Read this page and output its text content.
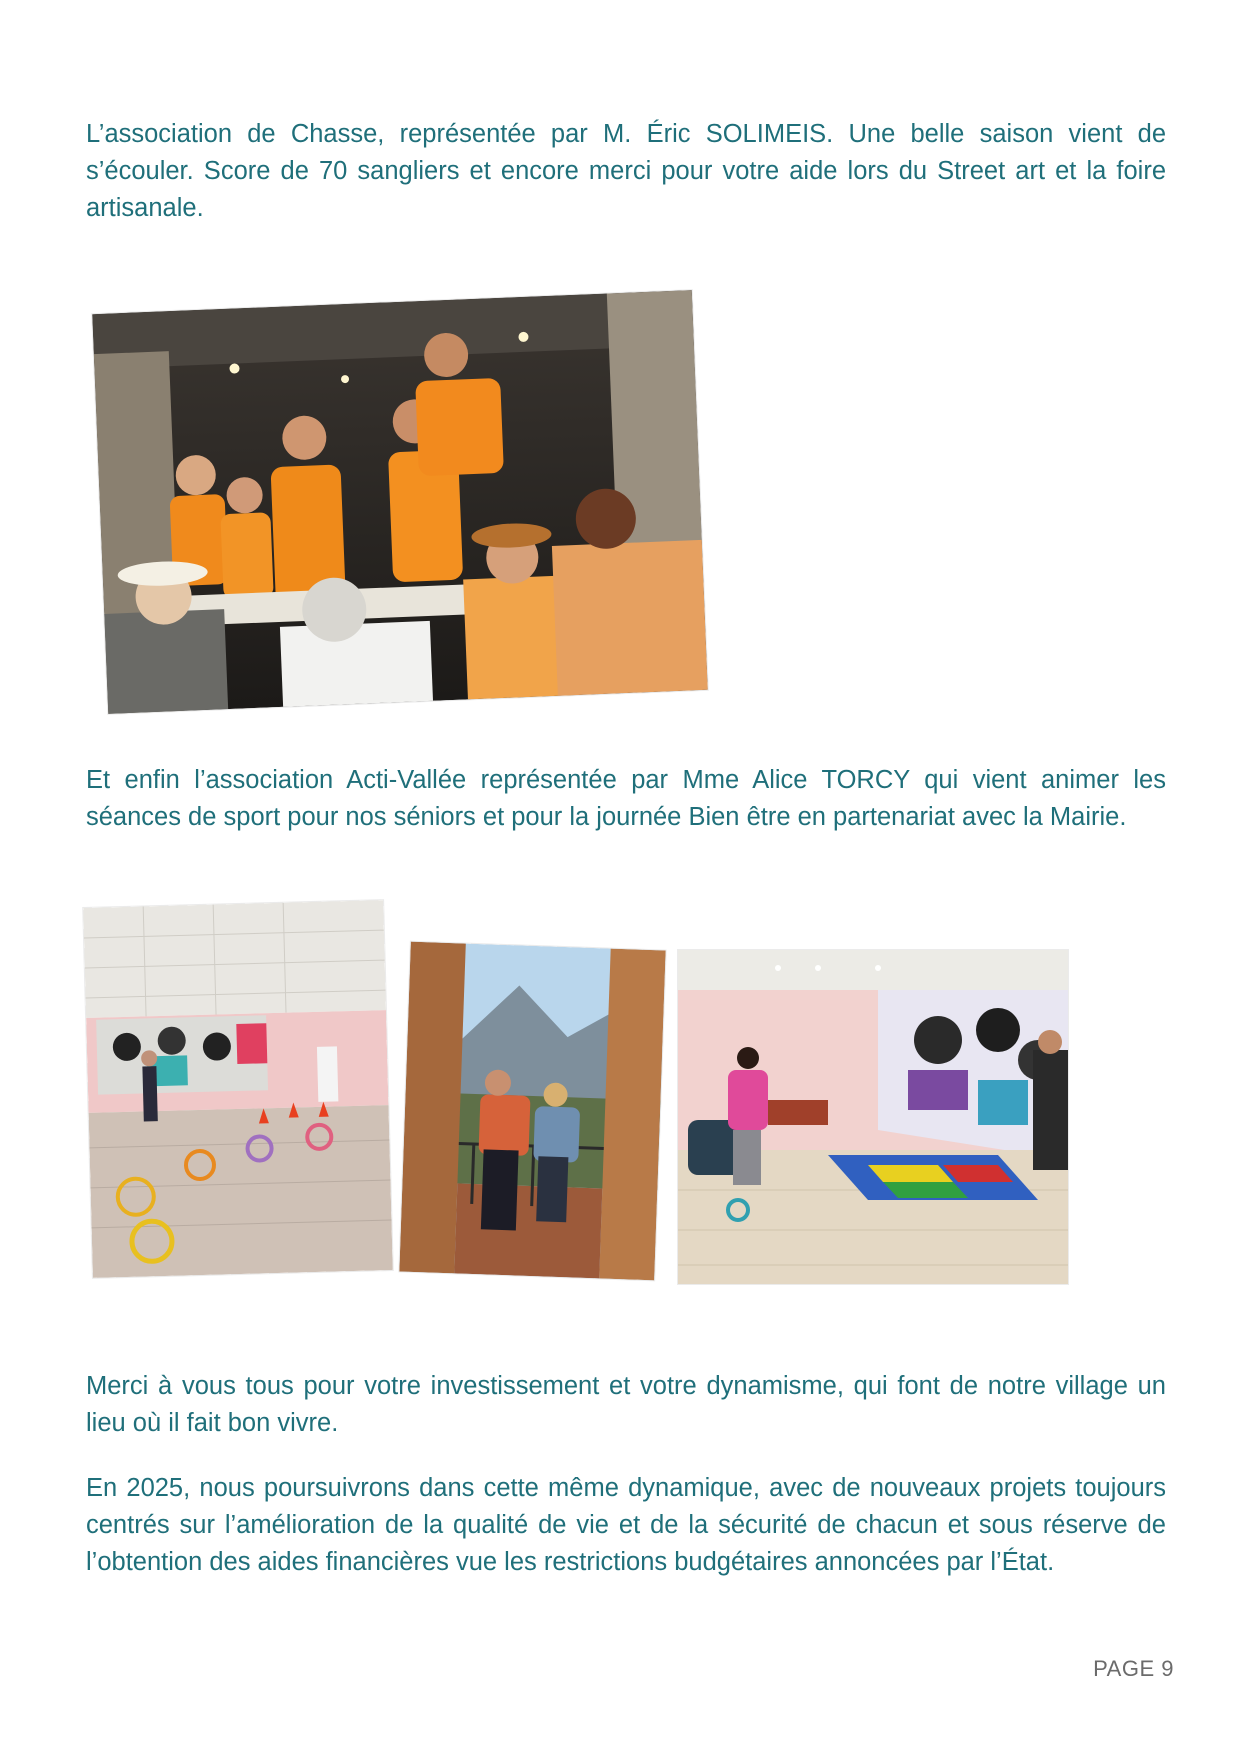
L’association de Chasse, représentée par M. Éric SOLIMEIS. Une belle saison vient de s’écouler. Score de 70 sangliers et encore merci pour votre aide lors du Street art et la foire artisanale.

Et enfin l’association Acti-Vallée représentée par Mme Alice TORCY qui vient animer les séances de sport pour nos séniors et pour la journée Bien être en partenariat avec la Mairie.

Merci à vous tous pour votre investissement et votre dynamisme, qui font de notre village un lieu où il fait bon vivre.

En 2025, nous poursuivrons dans cette même dynamique, avec de nouveaux projets toujours centrés sur l’amélioration de la qualité de vie et de la sécurité de chacun et sous réserve de l’obtention des aides financières vue les restrictions budgétaires annoncées par l’État.

PAGE 9
